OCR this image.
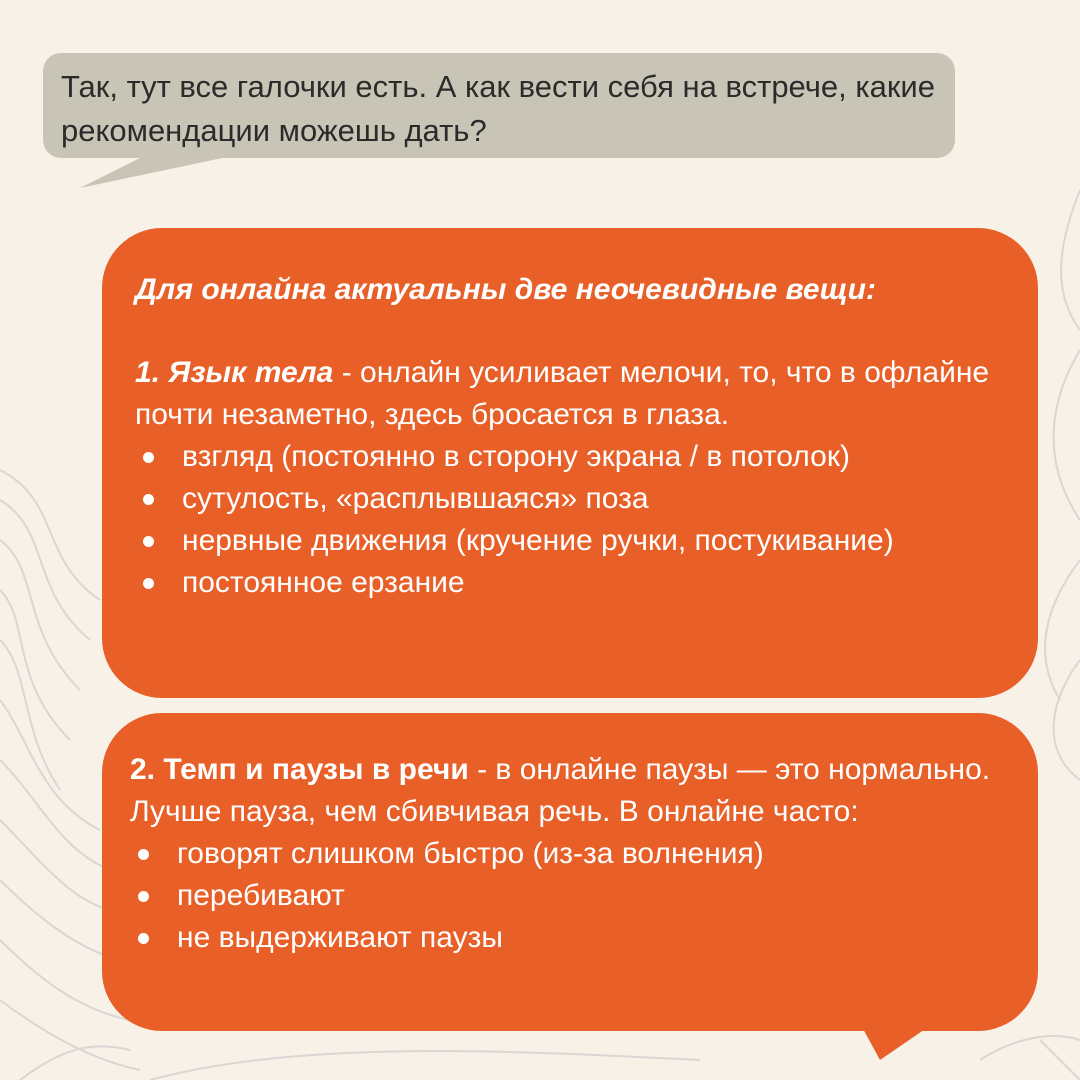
Так, тут все галочки есть. А как вести себя на встрече, какие рекомендации можешь дать?
Для онлайна актуальны две неочевидные вещи:
1. Язык тела - онлайн усиливает мелочи, то, что в офлайне почти незаметно, здесь бросается в глаза.
взгляд (постоянно в сторону экрана / в потолок)
сутулость, «расплывшаяся» поза
нервные движения (кручение ручки, постукивание)
постоянное ерзание
2. Темп и паузы в речи - в онлайне паузы — это нормально. Лучше пауза, чем сбивчивая речь. В онлайне часто:
говорят слишком быстро (из-за волнения)
перебивают
не выдерживают паузы
